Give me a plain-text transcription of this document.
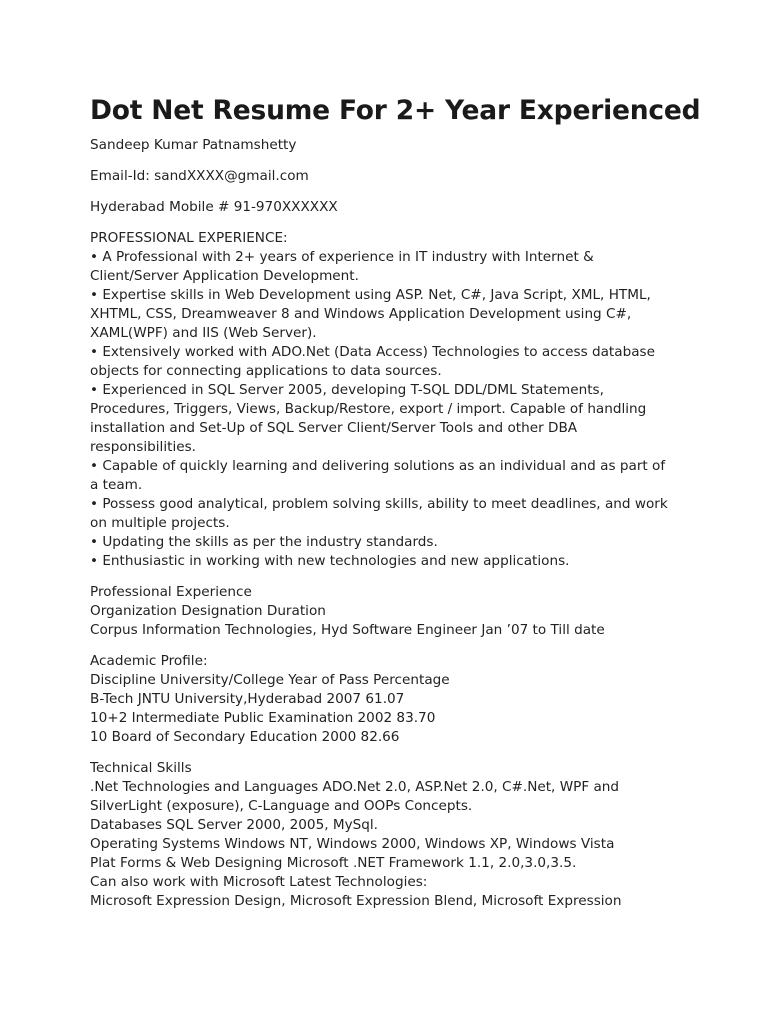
Dot Net Resume For 2+ Year Experienced
Sandeep Kumar Patnamshetty
Email-Id: sandXXXX@gmail.com
Hyderabad Mobile # 91-970XXXXXX
PROFESSIONAL EXPERIENCE:
• A Professional with 2+ years of experience in IT industry with Internet &
Client/Server Application Development.
• Expertise skills in Web Development using ASP. Net, C#, Java Script, XML, HTML,
XHTML, CSS, Dreamweaver 8 and Windows Application Development using C#,
XAML(WPF) and IIS (Web Server).
• Extensively worked with ADO.Net (Data Access) Technologies to access database
objects for connecting applications to data sources.
• Experienced in SQL Server 2005, developing T-SQL DDL/DML Statements,
Procedures, Triggers, Views, Backup/Restore, export / import. Capable of handling
installation and Set-Up of SQL Server Client/Server Tools and other DBA
responsibilities.
• Capable of quickly learning and delivering solutions as an individual and as part of
a team.
• Possess good analytical, problem solving skills, ability to meet deadlines, and work
on multiple projects.
• Updating the skills as per the industry standards.
• Enthusiastic in working with new technologies and new applications.
Professional Experience
Organization Designation Duration
Corpus Information Technologies, Hyd Software Engineer Jan ’07 to Till date
Academic Profile:
Discipline University/College Year of Pass Percentage
B-Tech JNTU University,Hyderabad 2007 61.07
10+2 Intermediate Public Examination 2002 83.70
10 Board of Secondary Education 2000 82.66
Technical Skills
.Net Technologies and Languages ADO.Net 2.0, ASP.Net 2.0, C#.Net, WPF and
SilverLight (exposure), C-Language and OOPs Concepts.
Databases SQL Server 2000, 2005, MySql.
Operating Systems Windows NT, Windows 2000, Windows XP, Windows Vista
Plat Forms & Web Designing Microsoft .NET Framework 1.1, 2.0,3.0,3.5.
Can also work with Microsoft Latest Technologies:
Microsoft Expression Design, Microsoft Expression Blend, Microsoft Expression
